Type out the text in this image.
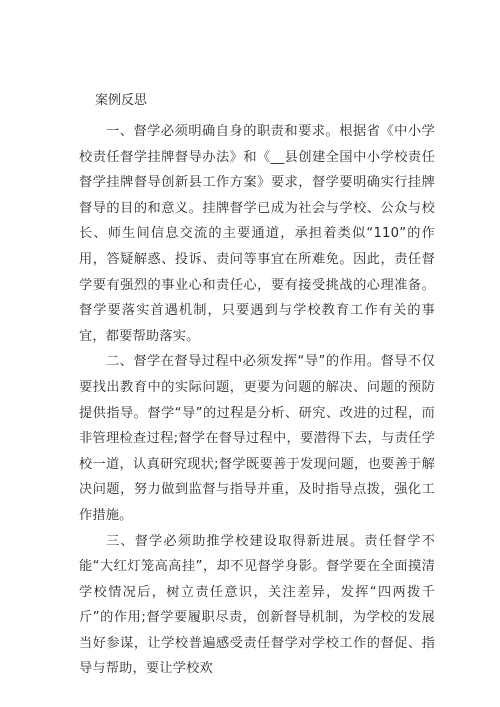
案例反思

一、督学必须明确自身的职责和要求。根据省《中小学校责任督学挂牌督导办法》和《__县创建全国中小学校责任督学挂牌督导创新县工作方案》要求，督学要明确实行挂牌督导的目的和意义。挂牌督学已成为社会与学校、公众与校长、师生间信息交流的主要通道，承担着类似“110”的作用，答疑解惑、投诉、责问等事宜在所难免。因此，责任督学要有强烈的事业心和责任心，要有接受挑战的心理准备。督学要落实首遇机制，只要遇到与学校教育工作有关的事宜，都要帮助落实。

二、督学在督导过程中必须发挥“导”的作用。督导不仅要找出教育中的实际问题，更要为问题的解决、问题的预防提供指导。督学“导”的过程是分析、研究、改进的过程，而非管理检查过程;督学在督导过程中，要潜得下去，与责任学校一道，认真研究现状;督学既要善于发现问题，也要善于解决问题，努力做到监督与指导并重，及时指导点拨，强化工作措施。

三、督学必须助推学校建设取得新进展。责任督学不能“大红灯笼高高挂”，却不见督学身影。督学要在全面摸清学校情况后，树立责任意识，关注差异，发挥“四两拨千斤”的作用;督学要履职尽责，创新督导机制，为学校的发展当好参谋，让学校普遍感受责任督学对学校工作的督促、指导与帮助，要让学校欢
